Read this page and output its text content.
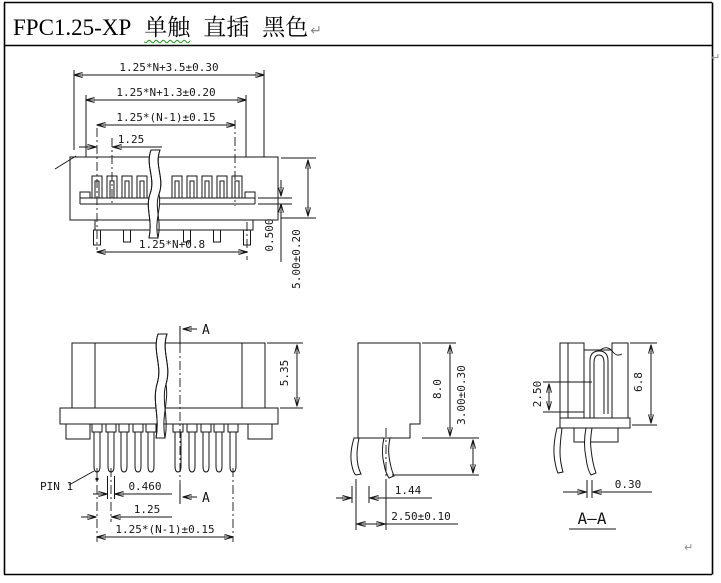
↵
↵
1.25*N+3.5±0.30
1.25*N+1.3±0.20
1.25*(N-1)±0.15
1.25
1.25*N+0.8	0.500 5.00±0.20
A
A
PIN 1	0.460
1.25
1.25*(N-1)±0.15
5.35
8.0 3.00±0.30
1.44
2.50±0.10
2.50	6.8
0.30
A—A
FPC1.25-XP 单触 直插 黑色 ↵
